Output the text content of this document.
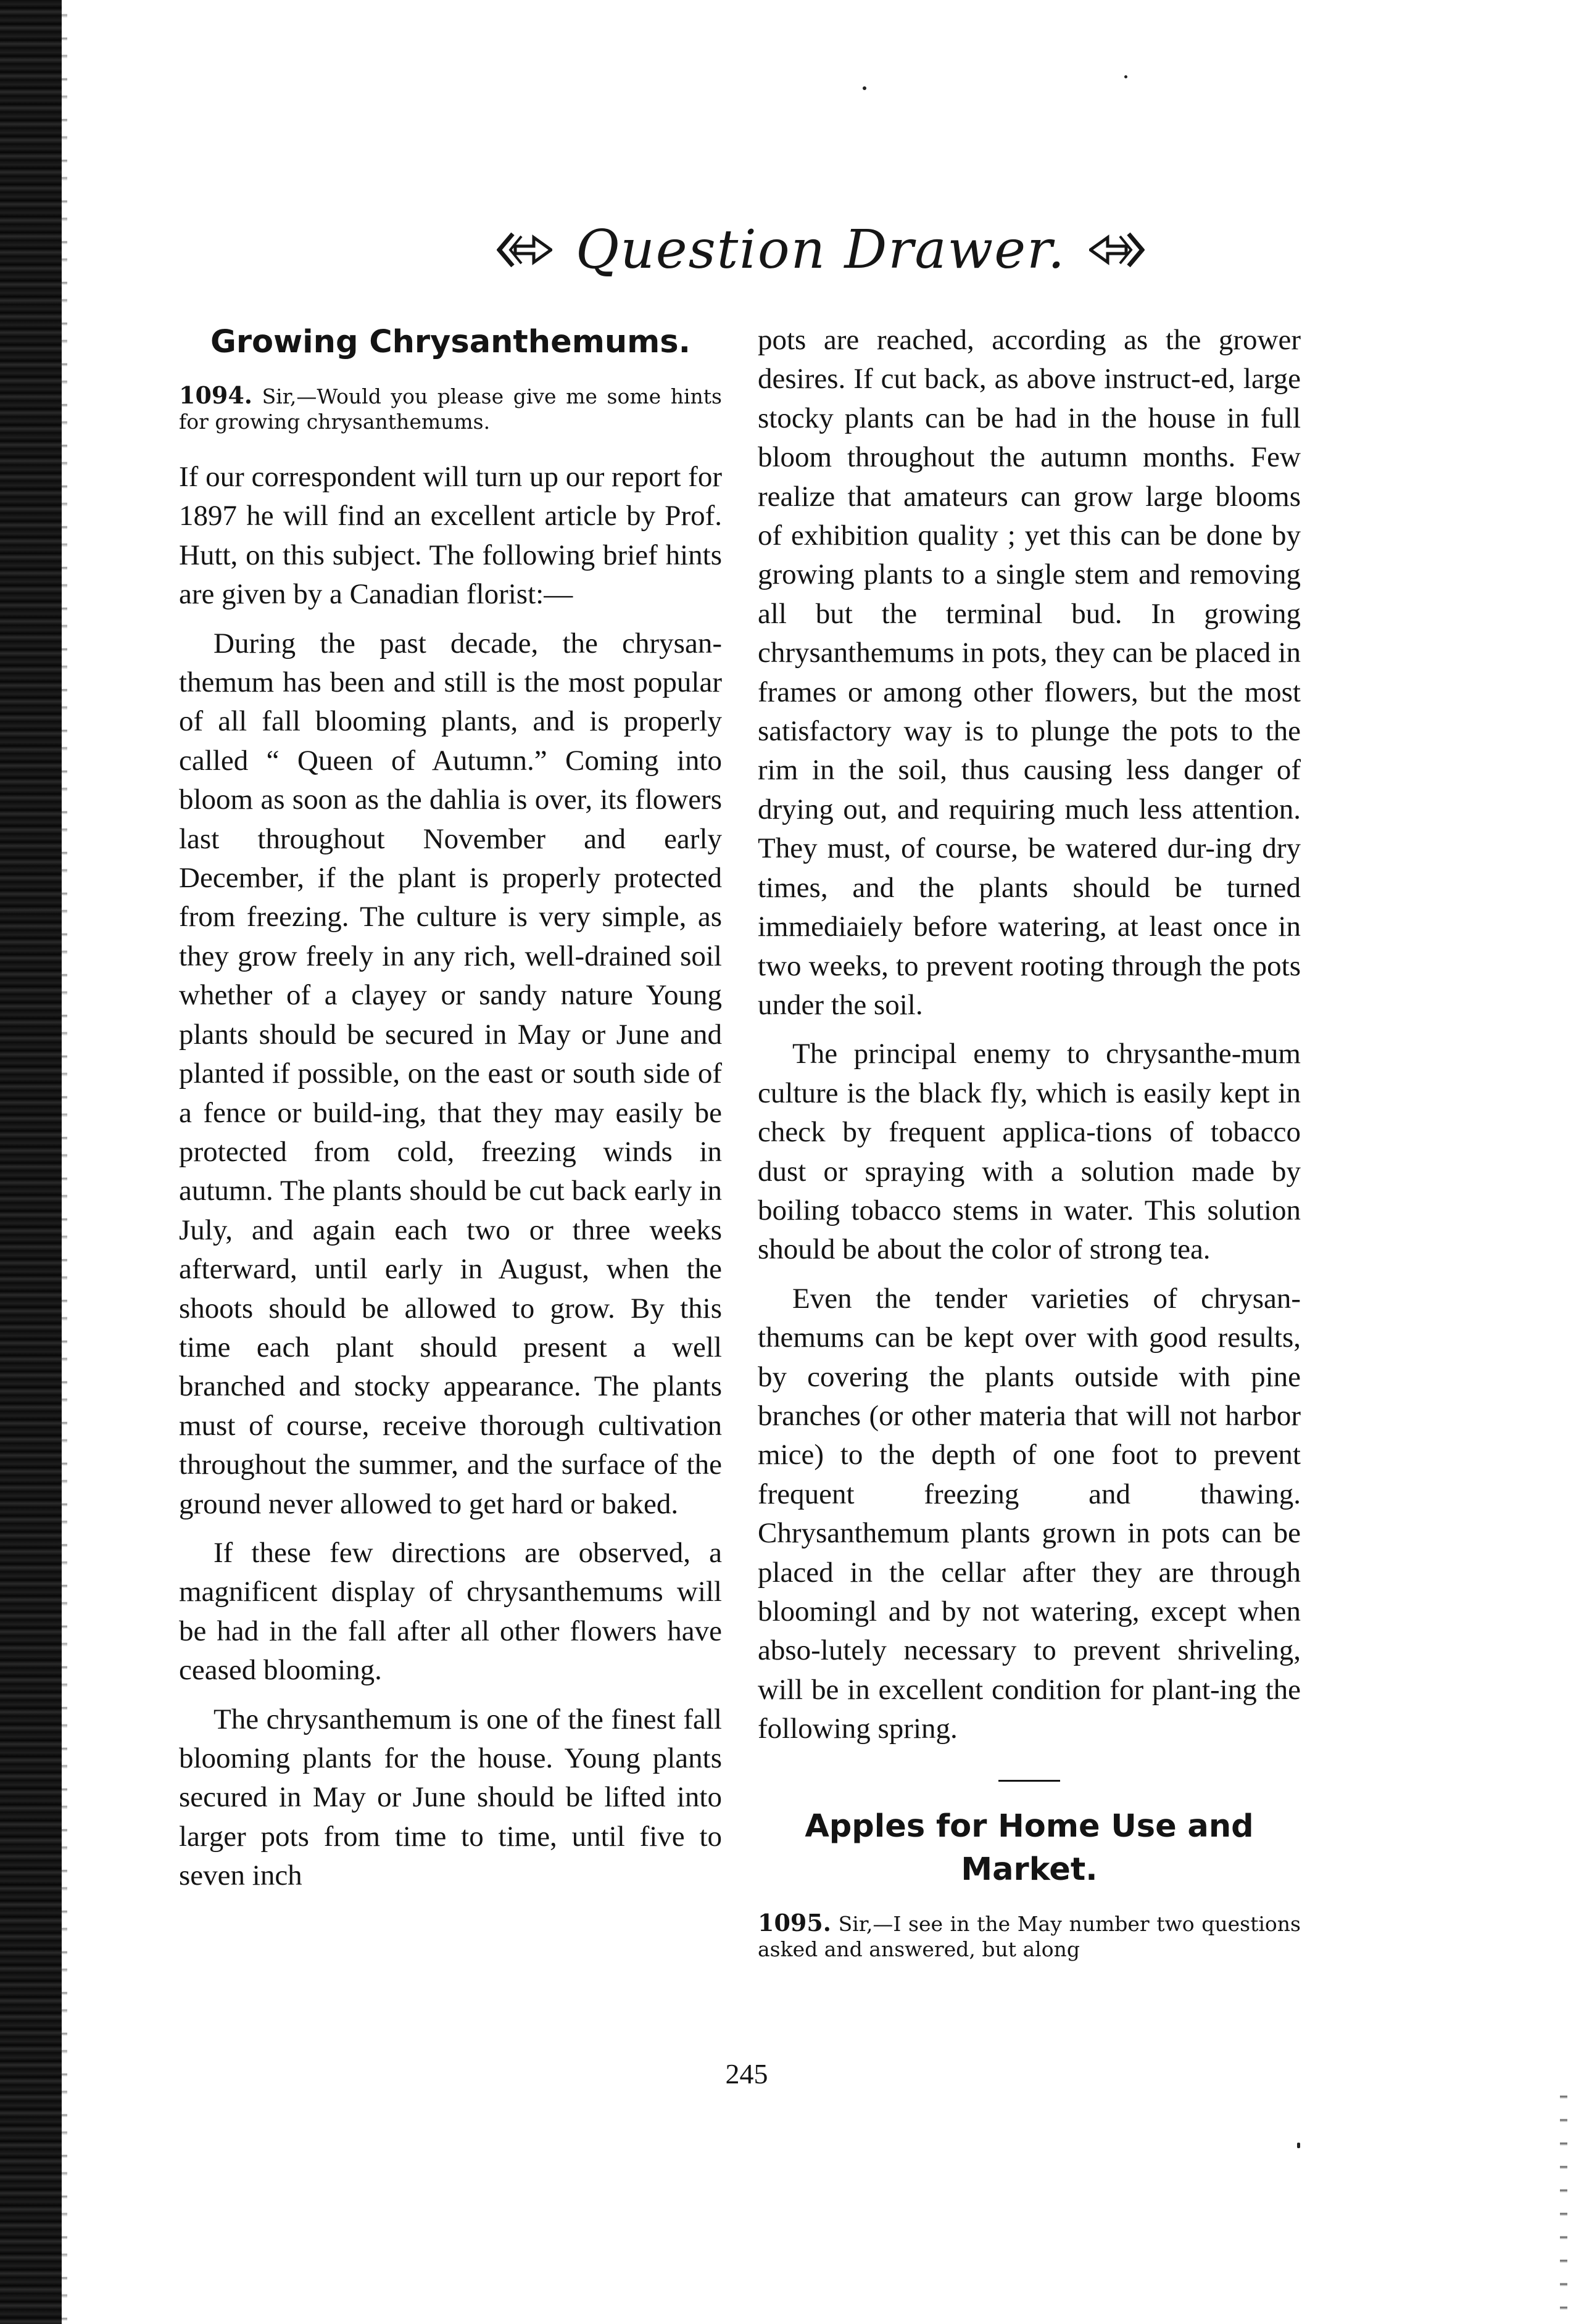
Question Drawer.
Growing Chrysanthemums.

1094. Sir,—Would you please give me some hints for growing chrysanthemums.

If our correspondent will turn up our report for 1897 he will find an excellent article by Prof. Hutt, on this subject. The following brief hints are given by a Canadian florist:—

During the past decade, the chrysan-themum has been and still is the most popular of all fall blooming plants, and is properly called “ Queen of Autumn.” Coming into bloom as soon as the dahlia is over, its flowers last throughout November and early December, if the plant is properly protected from freezing. The culture is very simple, as they grow freely in any rich, well-drained soil whether of a clayey or sandy nature Young plants should be secured in May or June and planted if possible, on the east or south side of a fence or build-ing, that they may easily be protected from cold, freezing winds in autumn. The plants should be cut back early in July, and again each two or three weeks afterward, until early in August, when the shoots should be allowed to grow. By this time each plant should present a well branched and stocky appearance. The plants must of course, receive thorough cultivation throughout the summer, and the surface of the ground never allowed to get hard or baked.

If these few directions are observed, a magnificent display of chrysanthemums will be had in the fall after all other flowers have ceased blooming.

The chrysanthemum is one of the finest fall blooming plants for the house. Young plants secured in May or June should be lifted into larger pots from time to time, until five to seven inch

pots are reached, according as the grower desires. If cut back, as above instruct-ed, large stocky plants can be had in the house in full bloom throughout the autumn months. Few realize that amateurs can grow large blooms of exhibition quality ; yet this can be done by growing plants to a single stem and removing all but the terminal bud. In growing chrysanthemums in pots, they can be placed in frames or among other flowers, but the most satisfactory way is to plunge the pots to the rim in the soil, thus causing less danger of drying out, and requiring much less attention. They must, of course, be watered dur-ing dry times, and the plants should be turned immediaiely before watering, at least once in two weeks, to prevent rooting through the pots under the soil.

The principal enemy to chrysanthe-mum culture is the black fly, which is easily kept in check by frequent applica-tions of tobacco dust or spraying with a solution made by boiling tobacco stems in water. This solution should be about the color of strong tea.

Even the tender varieties of chrysan-themums can be kept over with good results, by covering the plants outside with pine branches (or other materia that will not harbor mice) to the depth of one foot to prevent frequent freezing and thawing. Chrysanthemum plants grown in pots can be placed in the cellar after they are through bloomingl and by not watering, except when abso-lutely necessary to prevent shriveling, will be in excellent condition for plant-ing the following spring.

Apples for Home Use and Market.

1095. Sir,—I see in the May number two questions asked and answered, but along

245
